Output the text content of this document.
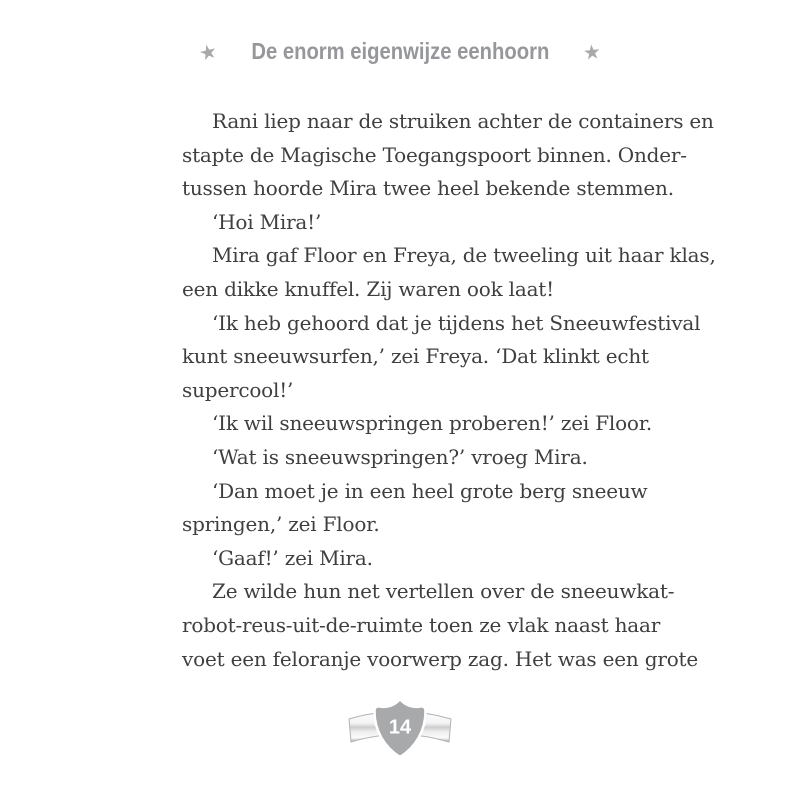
★ De enorm eigenwijze eenhoorn ★
Rani liep naar de struiken achter de containers en
stapte de Magische Toegangspoort binnen. Onder-
tussen hoorde Mira twee heel bekende stemmen.
‘Hoi Mira!’
Mira gaf Floor en Freya, de tweeling uit haar klas,
een dikke knuffel. Zij waren ook laat!
‘Ik heb gehoord dat je tijdens het Sneeuwfestival
kunt sneeuwsurfen,’ zei Freya. ‘Dat klinkt echt
supercool!’
‘Ik wil sneeuwspringen proberen!’ zei Floor.
‘Wat is sneeuwspringen?’ vroeg Mira.
‘Dan moet je in een heel grote berg sneeuw
springen,’ zei Floor.
‘Gaaf!’ zei Mira.
Ze wilde hun net vertellen over de sneeuwkat-
robot-reus-uit-de-ruimte toen ze vlak naast haar
voet een feloranje voorwerp zag. Het was een grote
14
